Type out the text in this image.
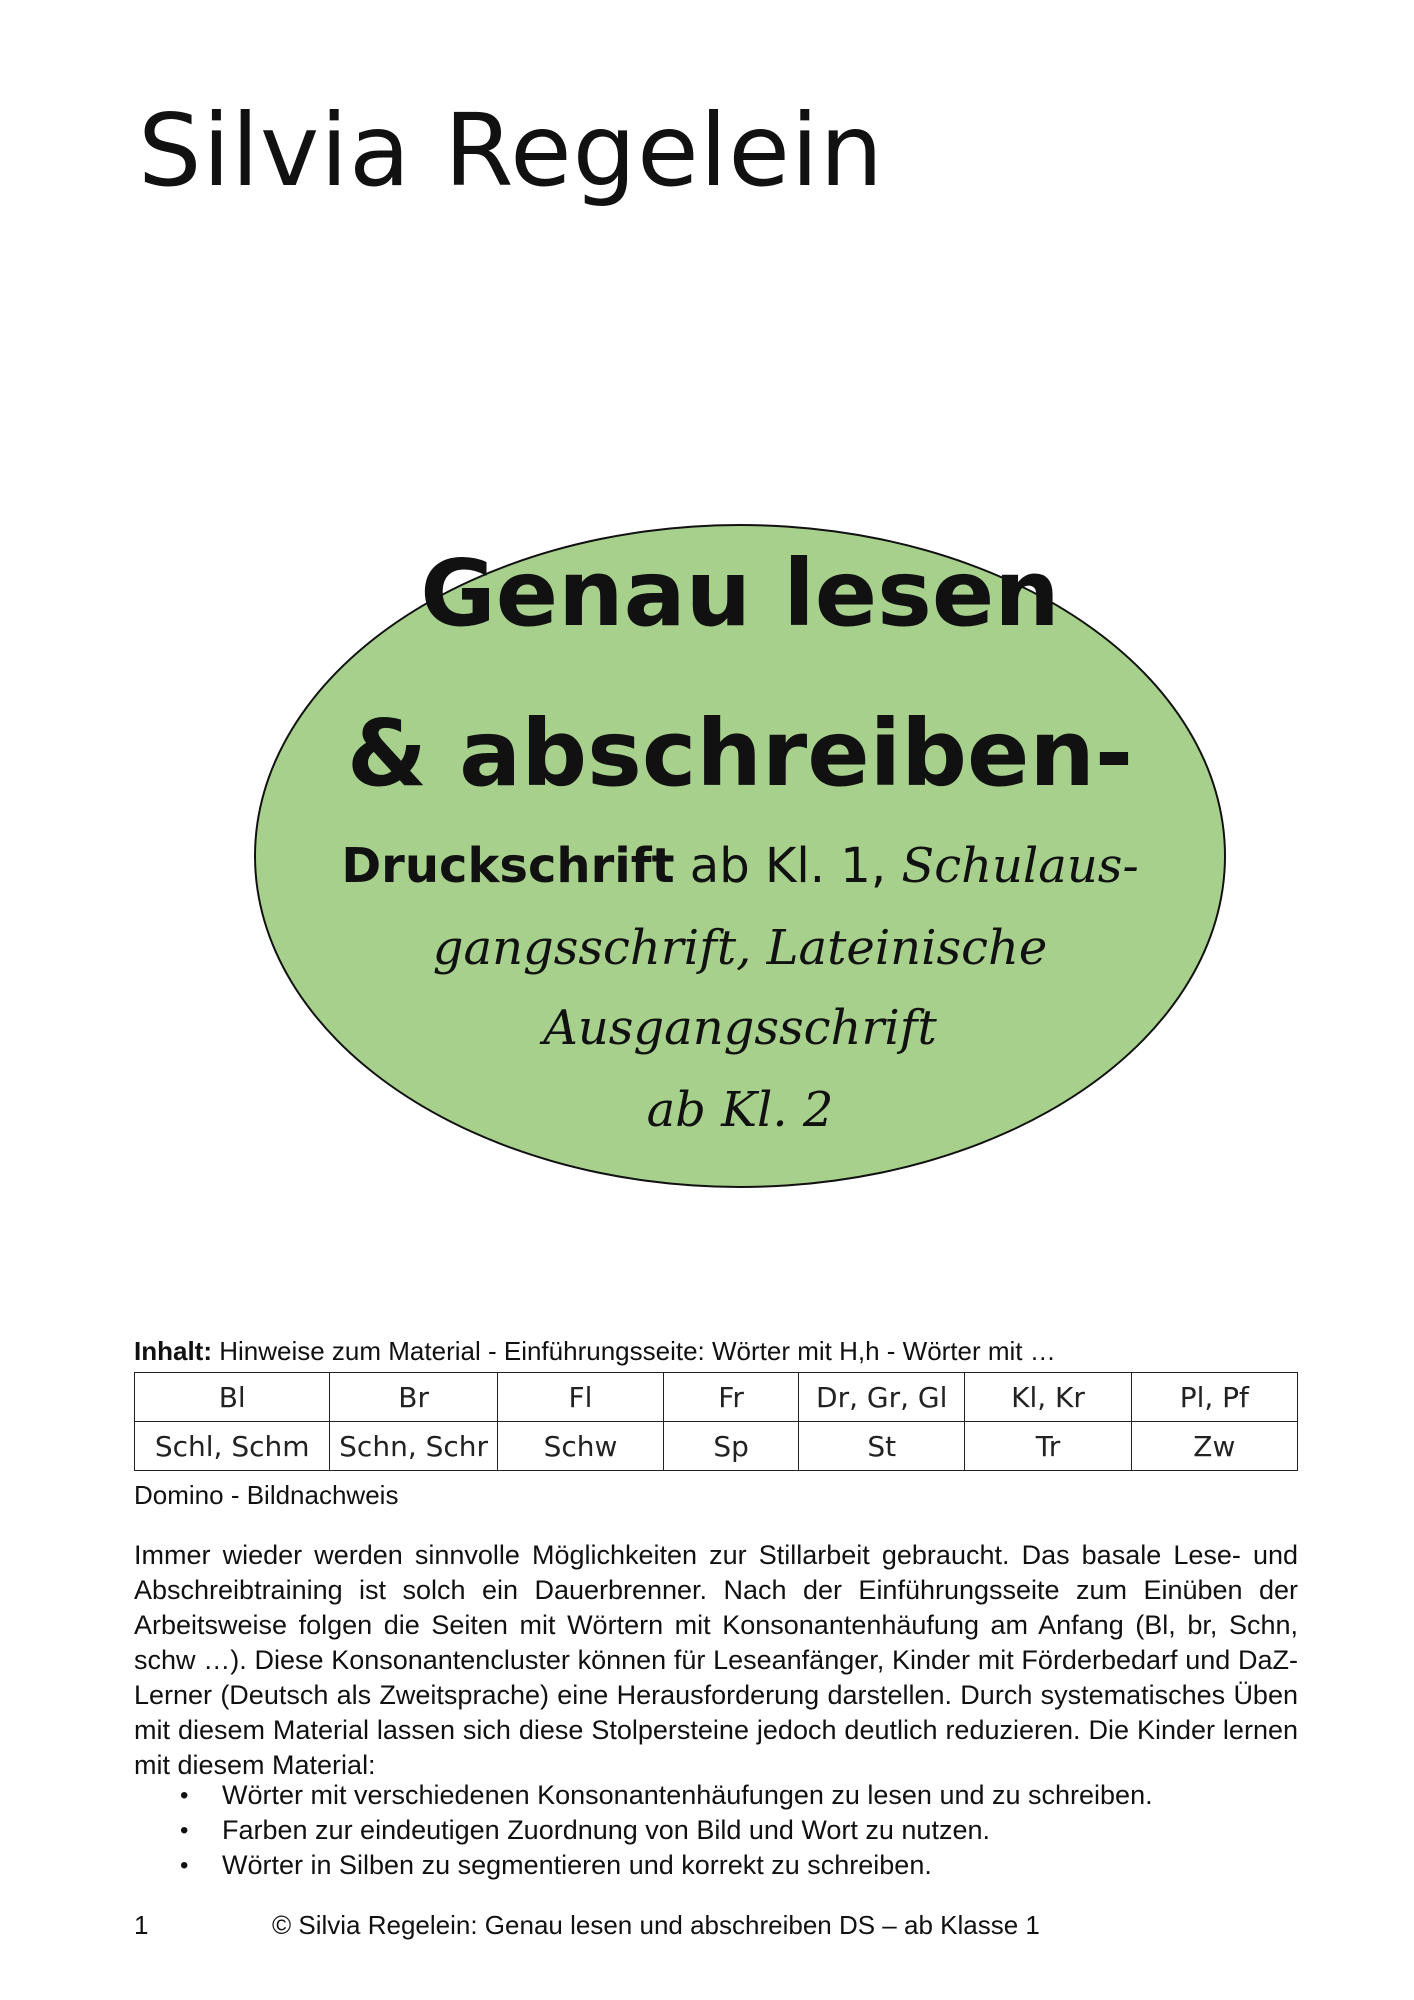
Silvia Regelein
Genau lesen
& abschreiben-
Druckschrift ab Kl. 1, Schulaus-
gangsschrift, Lateinische
Ausgangsschrift
ab Kl. 2
Inhalt: Hinweise zum Material - Einführungsseite: Wörter mit H,h - Wörter mit …
Bl	Br	Fl	Fr	Dr, Gr, Gl	Kl, Kr	Pl, Pf
Schl, Schm	Schn, Schr	Schw	Sp	St	Tr	Zw
Domino - Bildnachweis

Immer wieder werden sinnvolle Möglichkeiten zur Stillarbeit gebraucht. Das basale Lese- und Abschreibtraining ist solch ein Dauerbrenner. Nach der Einführungsseite zum Einüben der Arbeitsweise folgen die Seiten mit Wörtern mit Konsonantenhäufung am Anfang (Bl, br, Schn, schw …). Diese Konsonantencluster können für Leseanfänger, Kinder mit Förderbedarf und DaZ-Lerner (Deutsch als Zweitsprache) eine Herausforderung darstellen. Durch systematisches Üben mit diesem Material lassen sich diese Stolpersteine jedoch deutlich reduzieren. Die Kinder lernen mit diesem Material:

• Wörter mit verschiedenen Konsonantenhäufungen zu lesen und zu schreiben.
• Farben zur eindeutigen Zuordnung von Bild und Wort zu nutzen.
• Wörter in Silben zu segmentieren und korrekt zu schreiben.
1	© Silvia Regelein: Genau lesen und abschreiben DS – ab Klasse 1
